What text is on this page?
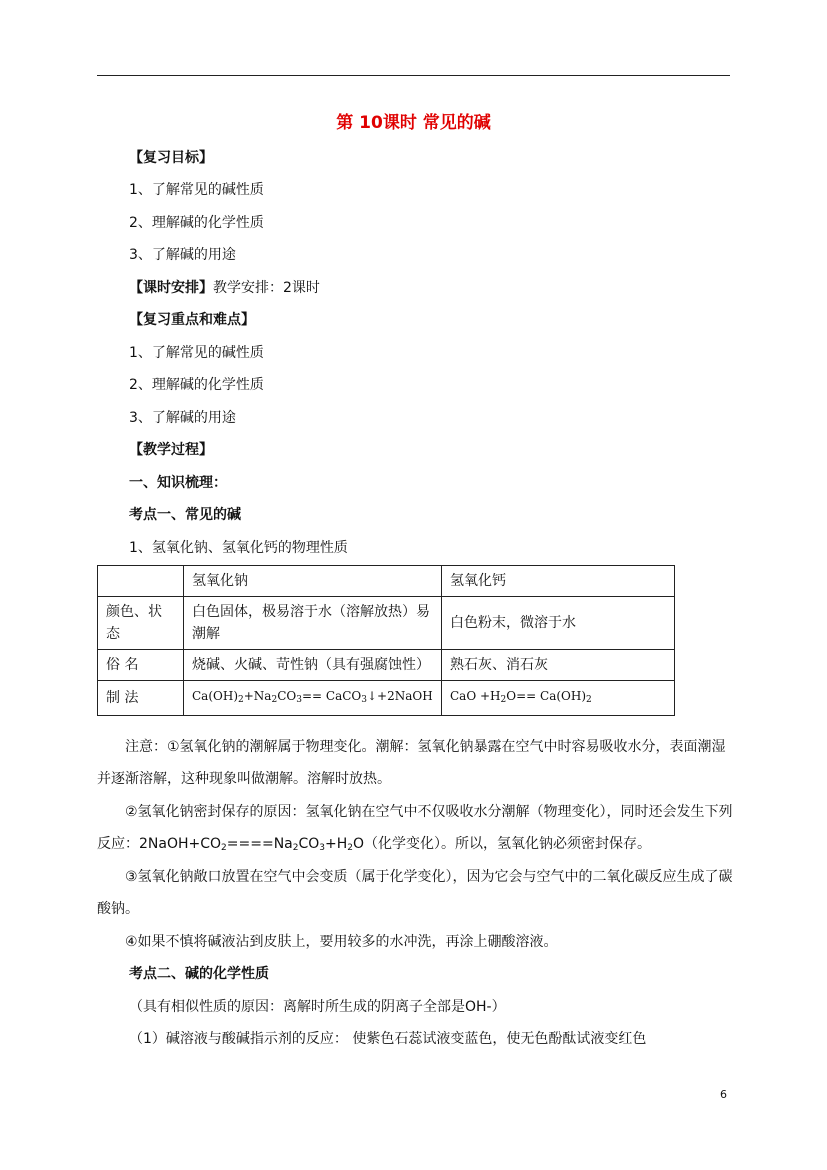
第 10课时 常见的碱
【复习目标】
1、了解常见的碱性质
2、理解碱的化学性质
3、了解碱的用途
【课时安排】教学安排：2课时
【复习重点和难点】
1、了解常见的碱性质
2、理解碱的化学性质
3、了解碱的用途
【教学过程】
一、知识梳理：
考点一、常见的碱
1、氢氧化钠、氢氧化钙的物理性质
	氢氧化钠	氢氧化钙
颜色、状态	白色固体，极易溶于水（溶解放热）易潮解	白色粉末，微溶于水
俗 名	烧碱、火碱、苛性钠（具有强腐蚀性）	熟石灰、消石灰
制 法	$Ca(OH)_2+Na_2CO_3==$ CaCO$_3$↓+2NaOH	CaO $+H_2O== Ca(OH)_2$
注意：①氢氧化钠的潮解属于物理变化。潮解：氢氧化钠暴露在空气中时容易吸收水分，表面潮湿并逐渐溶解，这种现象叫做潮解。溶解时放热。
②氢氧化钠密封保存的原因：氢氧化钠在空气中不仅吸收水分潮解（物理变化），同时还会发生下列反应：$2NaOH+CO_2====Na_2CO_3+H_2O$（化学变化）。所以，氢氧化钠必须密封保存。
③氢氧化钠敞口放置在空气中会变质（属于化学变化），因为它会与空气中的二氧化碳反应生成了碳酸钠。
④如果不慎将碱液沾到皮肤上，要用较多的水冲洗，再涂上硼酸溶液。
考点二、碱的化学性质
（具有相似性质的原因：离解时所生成的阴离子全部是OH-）
（1）碱溶液与酸碱指示剂的反应： 使紫色石蕊试液变蓝色，使无色酚酞试液变红色
6
